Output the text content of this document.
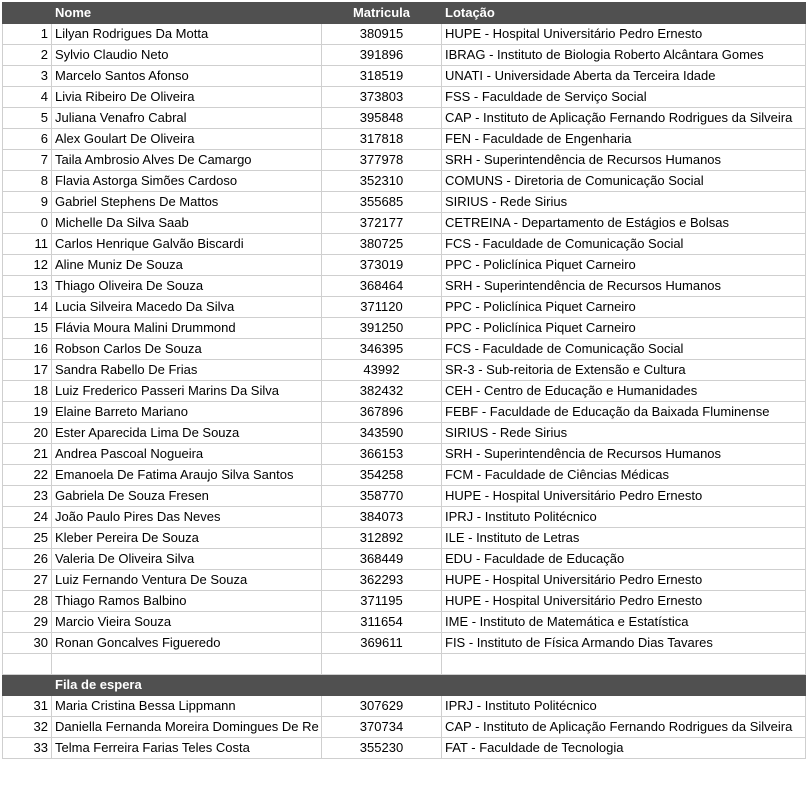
	Nome	Matricula	Lotação
1	Lilyan Rodrigues Da Motta	380915	HUPE - Hospital Universitário Pedro Ernesto
2	Sylvio Claudio Neto	391896	IBRAG - Instituto de Biologia Roberto Alcântara Gomes
3	Marcelo Santos Afonso	318519	UNATI - Universidade Aberta da Terceira Idade
4	Livia Ribeiro De Oliveira	373803	FSS - Faculdade de Serviço Social
5	Juliana Venafro Cabral	395848	CAP - Instituto de Aplicação Fernando Rodrigues da Silveira
6	Alex Goulart De Oliveira	317818	FEN - Faculdade de Engenharia
7	Taila Ambrosio Alves De Camargo	377978	SRH - Superintendência de Recursos Humanos
8	Flavia Astorga Simões Cardoso	352310	COMUNS - Diretoria de Comunicação Social
9	Gabriel Stephens De Mattos	355685	SIRIUS - Rede Sirius
0	Michelle Da Silva Saab	372177	CETREINA - Departamento de Estágios e Bolsas
11	Carlos Henrique Galvão Biscardi	380725	FCS - Faculdade de Comunicação Social
12	Aline Muniz De Souza	373019	PPC - Policlínica Piquet Carneiro
13	Thiago Oliveira De Souza	368464	SRH - Superintendência de Recursos Humanos
14	Lucia Silveira Macedo Da Silva	371120	PPC - Policlínica Piquet Carneiro
15	Flávia Moura Malini Drummond	391250	PPC - Policlínica Piquet Carneiro
16	Robson Carlos De Souza	346395	FCS - Faculdade de Comunicação Social
17	Sandra Rabello De Frias	43992	SR-3 - Sub-reitoria de Extensão e Cultura
18	Luiz Frederico Passeri Marins Da Silva	382432	CEH - Centro de Educação e Humanidades
19	Elaine Barreto Mariano	367896	FEBF - Faculdade de Educação da Baixada Fluminense
20	Ester Aparecida Lima De Souza	343590	SIRIUS - Rede Sirius
21	Andrea Pascoal Nogueira	366153	SRH - Superintendência de Recursos Humanos
22	Emanoela De Fatima Araujo Silva Santos	354258	FCM - Faculdade de Ciências Médicas
23	Gabriela De Souza Fresen	358770	HUPE - Hospital Universitário Pedro Ernesto
24	João Paulo Pires Das Neves	384073	IPRJ - Instituto Politécnico
25	Kleber Pereira De Souza	312892	ILE - Instituto de Letras
26	Valeria De Oliveira Silva	368449	EDU - Faculdade de Educação
27	Luiz Fernando Ventura De Souza	362293	HUPE - Hospital Universitário Pedro Ernesto
28	Thiago Ramos Balbino	371195	HUPE - Hospital Universitário Pedro Ernesto
29	Marcio Vieira Souza	311654	IME - Instituto de Matemática e Estatística
30	Ronan Goncalves Figueredo	369611	FIS - Instituto de Física Armando Dias Tavares

	Fila de espera		
31	Maria Cristina Bessa Lippmann	307629	IPRJ - Instituto Politécnico
32	Daniella Fernanda Moreira Domingues De Re	370734	CAP - Instituto de Aplicação Fernando Rodrigues da Silveira
33	Telma Ferreira Farias Teles Costa	355230	FAT - Faculdade de Tecnologia
